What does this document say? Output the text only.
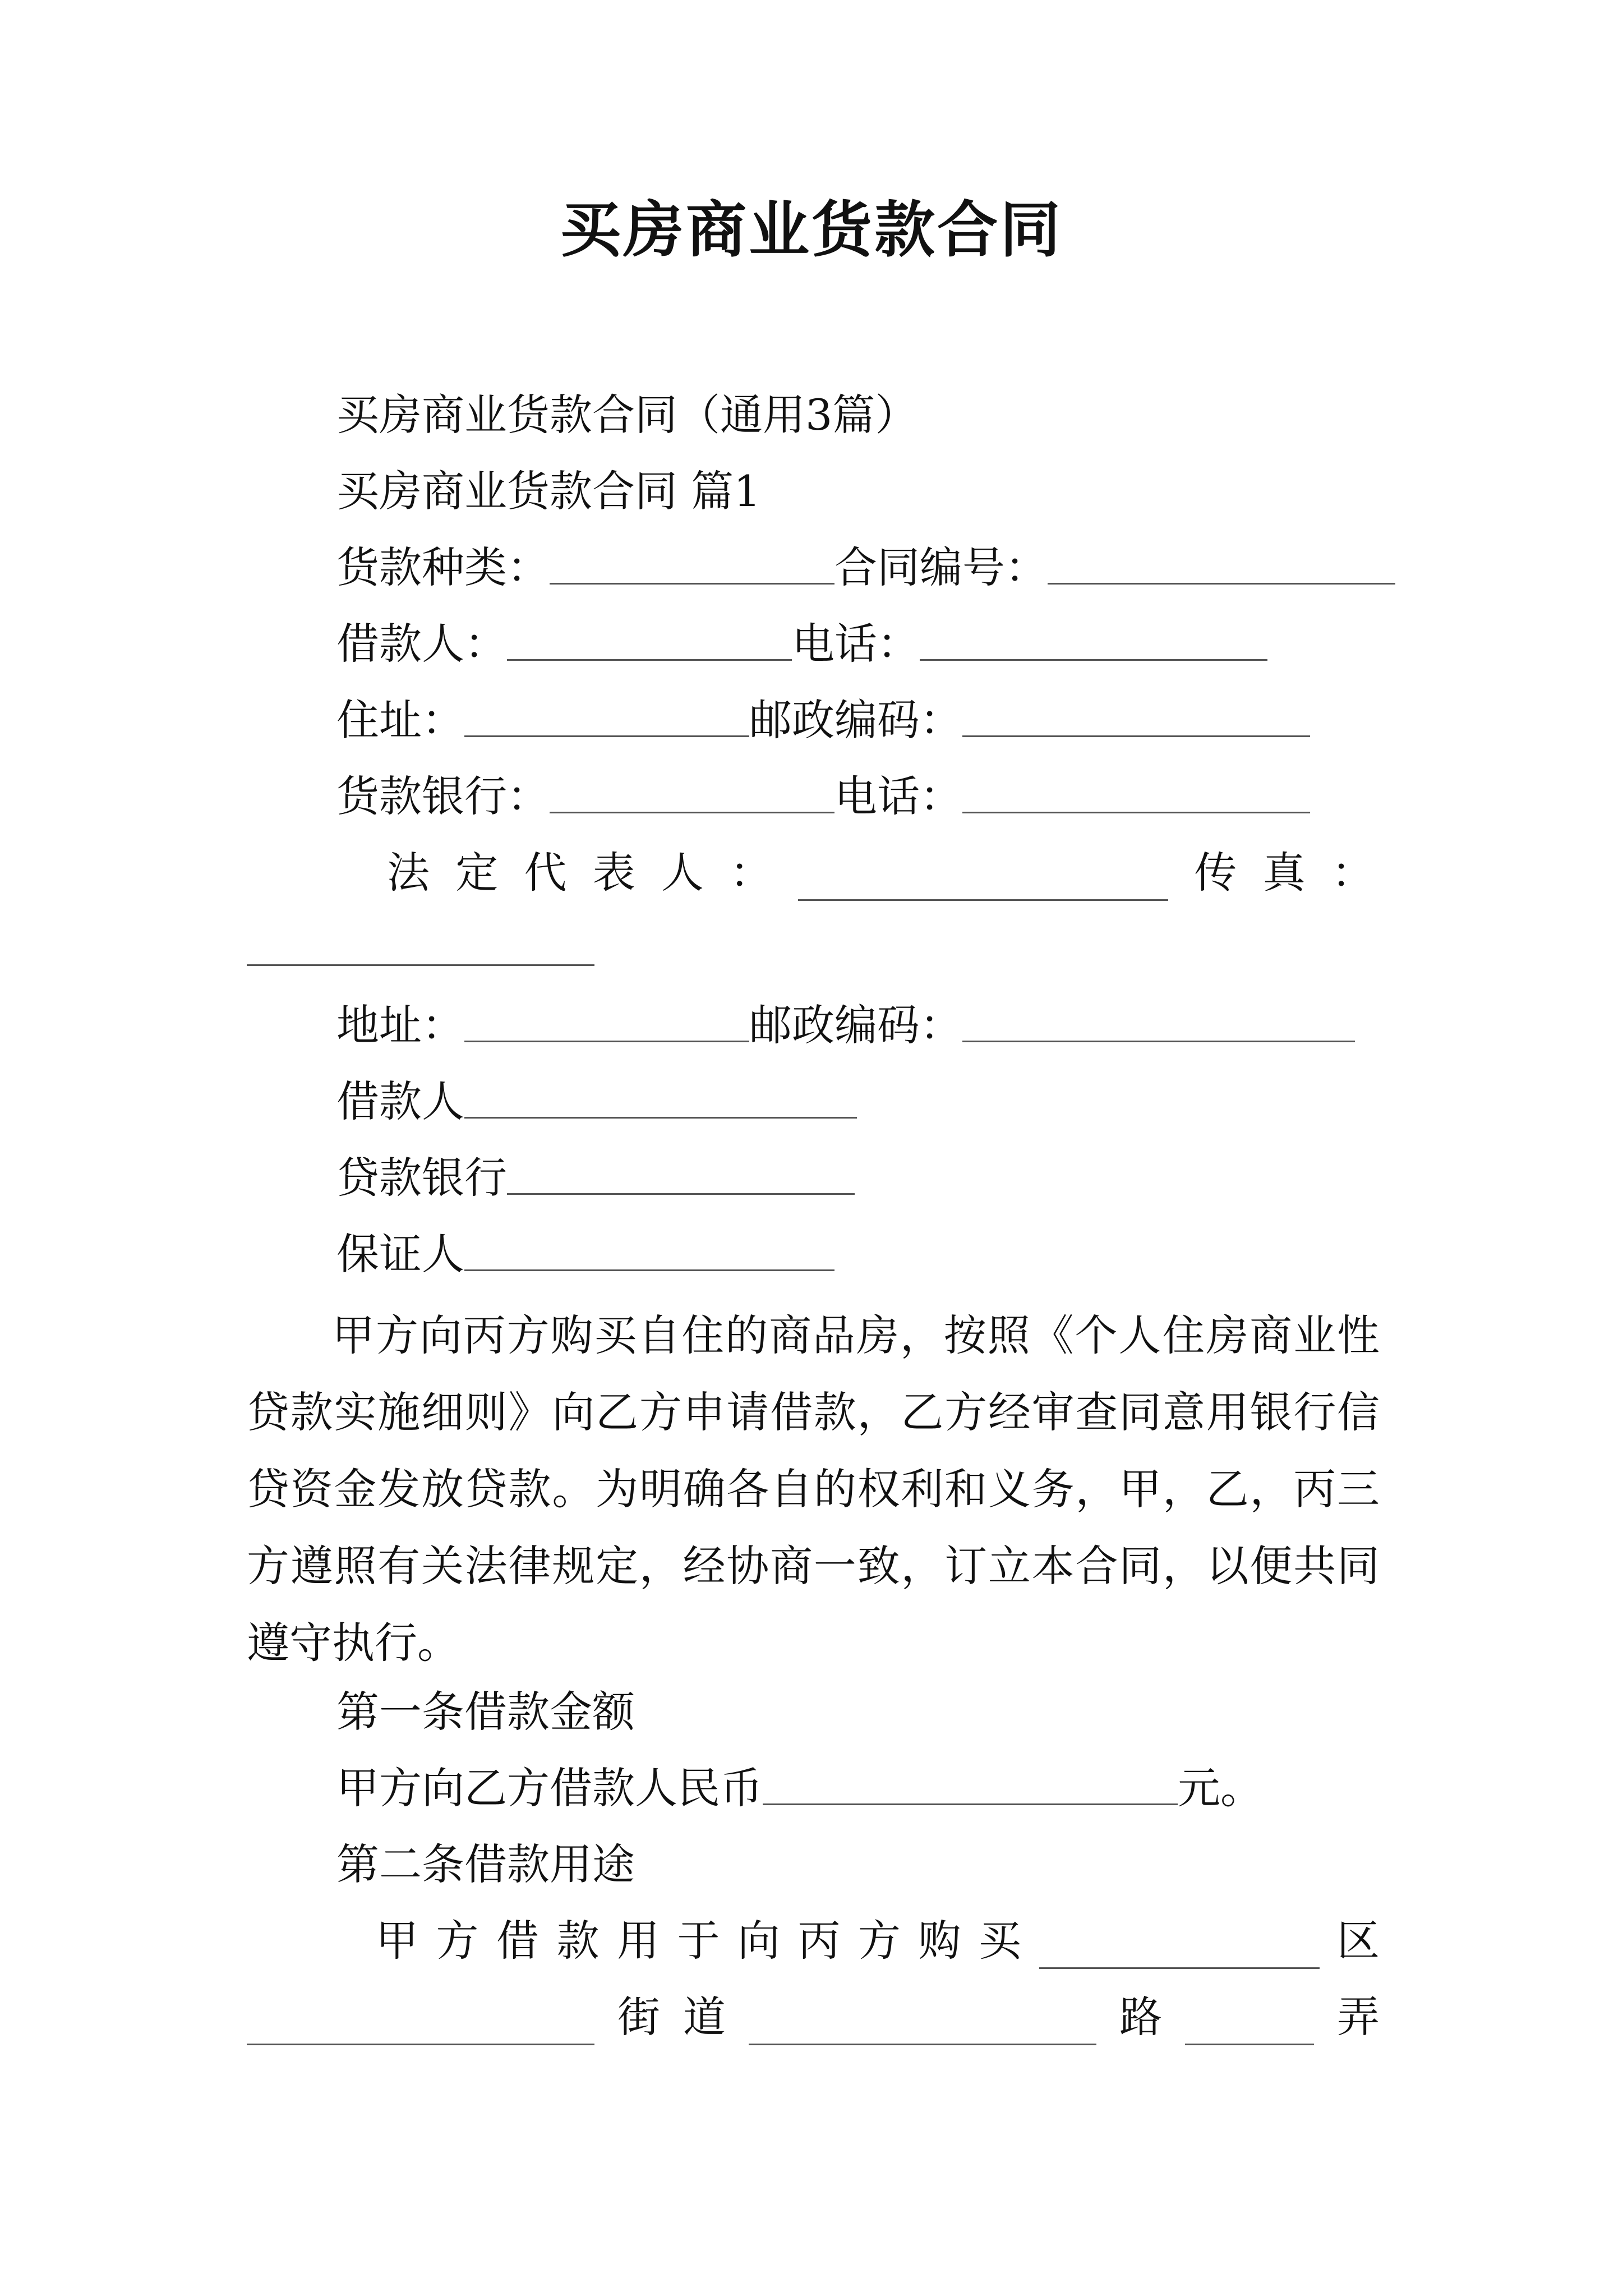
买房商业货款合同
买房商业货款合同（通用3篇）
买房商业货款合同 篇1
货款种类：	合同编号：
借款人：	电话：
住址：	邮政编码：
货款银行：	电话：
法 定 代 表 人 ：	传 真 ：
地址：	邮政编码：
借款人
贷款银行
保证人
甲方向丙方购买自住的商品房，按照《个人住房商业性贷款实施细则》向乙方申请借款，乙方经审查同意用银行信贷资金发放贷款。为明确各自的权利和义务，甲，乙，丙三方遵照有关法律规定，经协商一致，订立本合同，以便共同遵守执行。
第一条借款金额
甲方向乙方借款人民币	元。
第二条借款用途
甲 方 借 款 用 于 向 丙 方 购 买	区
街 道	路	弄
